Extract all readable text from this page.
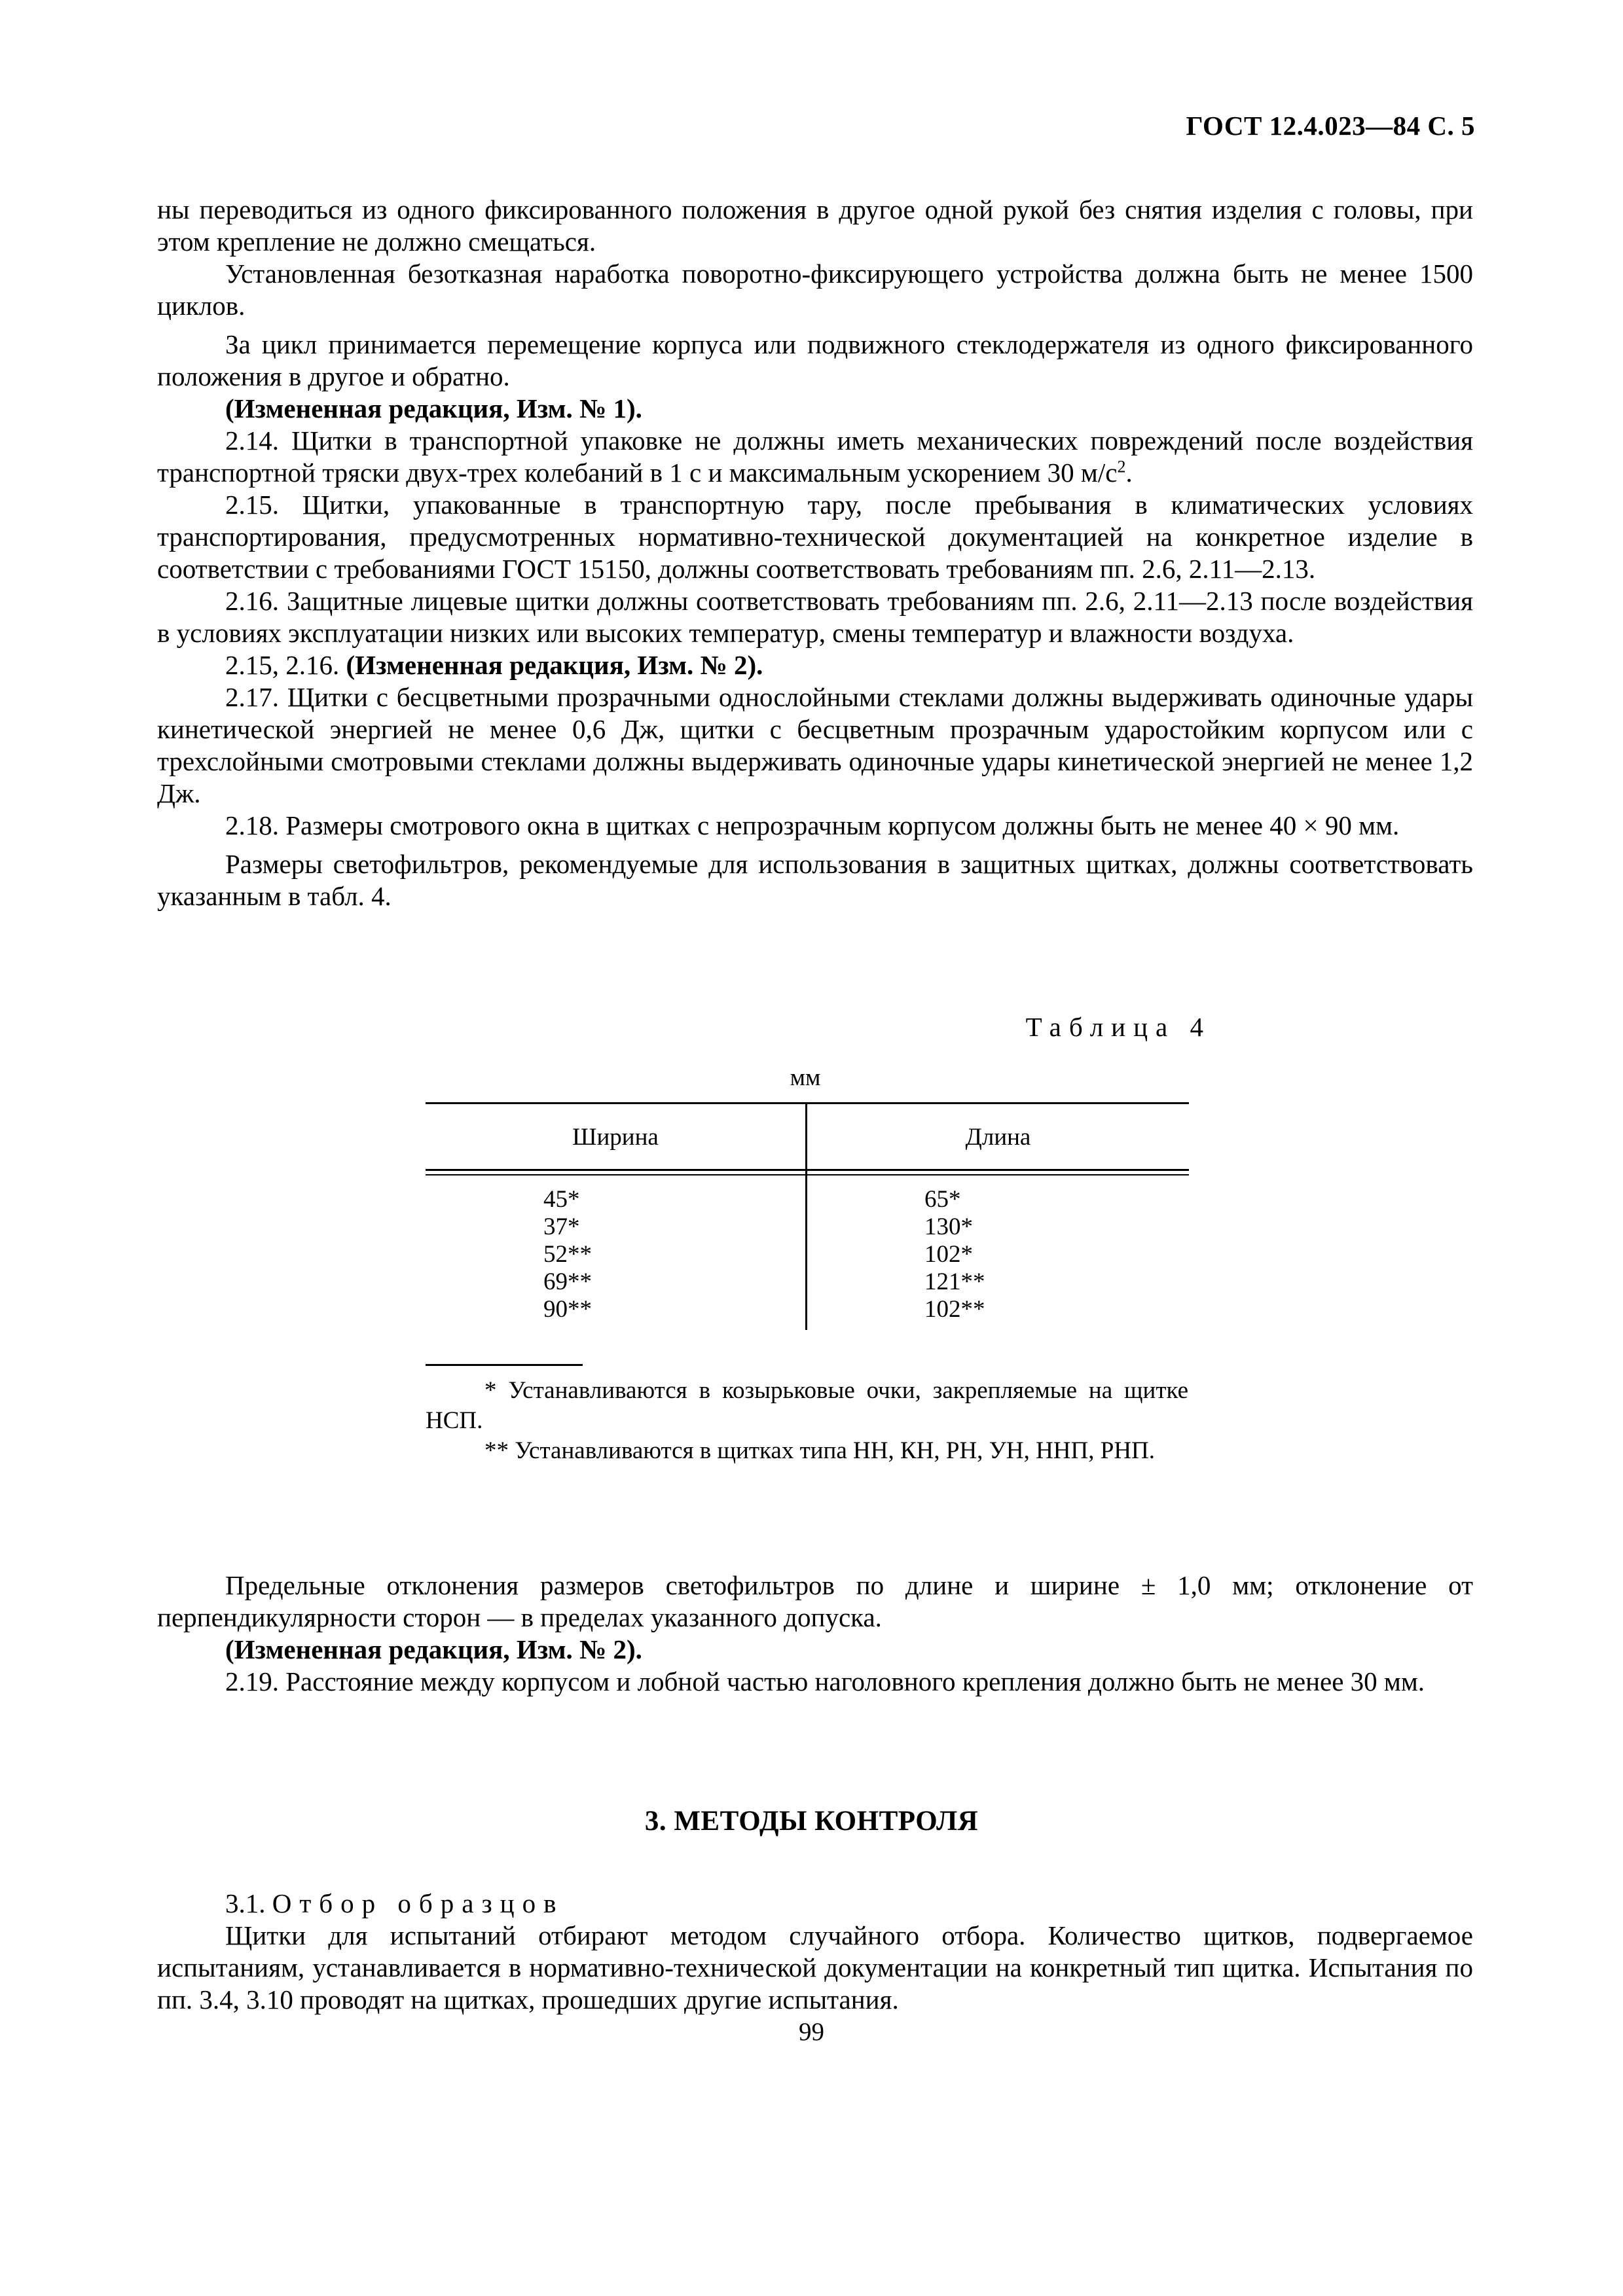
ГОСТ 12.4.023—84 С. 5

ны переводиться из одного фиксированного положения в другое одной рукой без снятия изделия с головы, при этом крепление не должно смещаться.

Установленная безотказная наработка поворотно-фиксирующего устройства должна быть не менее 1500 циклов.

За цикл принимается перемещение корпуса или подвижного стеклодержателя из одного фиксированного положения в другое и обратно.

(Измененная редакция, Изм. № 1).

2.14. Щитки в транспортной упаковке не должны иметь механических повреждений после воздействия транспортной тряски двух-трех колебаний в 1 с и максимальным ускорением 30 $м/с^2$.

2.15. Щитки, упакованные в транспортную тару, после пребывания в климатических условиях транспортирования, предусмотренных нормативно-технической документацией на конкретное изделие в соответствии с требованиями ГОСТ 15150, должны соответствовать требованиям пп. 2.6, 2.11—2.13.

2.16. Защитные лицевые щитки должны соответствовать требованиям пп. 2.6, 2.11—2.13 после воздействия в условиях эксплуатации низких или высоких температур, смены температур и влажности воздуха.

2.15, 2.16. (Измененная редакция, Изм. № 2).

2.17. Щитки с бесцветными прозрачными однослойными стеклами должны выдерживать одиночные удары кинетической энергией не менее 0,6 Дж, щитки с бесцветным прозрачным ударостойким корпусом или с трехслойными смотровыми стеклами должны выдерживать одиночные удары кинетической энергией не менее 1,2 Дж.

2.18. Размеры смотрового окна в щитках с непрозрачным корпусом должны быть не менее 40 × 90 мм.

Размеры светофильтров, рекомендуемые для использования в защитных щитках, должны соответствовать указанным в табл. 4.

Таблица 4
мм
Ширина	Длина
45*
37*
52**
69**
90**
65*
130*
102*
121**
102**

* Устанавливаются в козырьковые очки, закрепляемые на щитке НСП.

** Устанавливаются в щитках типа НН, КН, РН, УН, ННП, РНП.

Предельные отклонения размеров светофильтров по длине и ширине ± 1,0 мм; отклонение от перпендикулярности сторон — в пределах указанного допуска.

(Измененная редакция, Изм. № 2).

2.19. Расстояние между корпусом и лобной частью наголовного крепления должно быть не менее 30 мм.

3. МЕТОДЫ КОНТРОЛЯ

3.1. Отбор образцов

Щитки для испытаний отбирают методом случайного отбора. Количество щитков, подвергаемое испытаниям, устанавливается в нормативно-технической документации на конкретный тип щитка. Испытания по пп. 3.4, 3.10 проводят на щитках, прошедших другие испытания.

99
